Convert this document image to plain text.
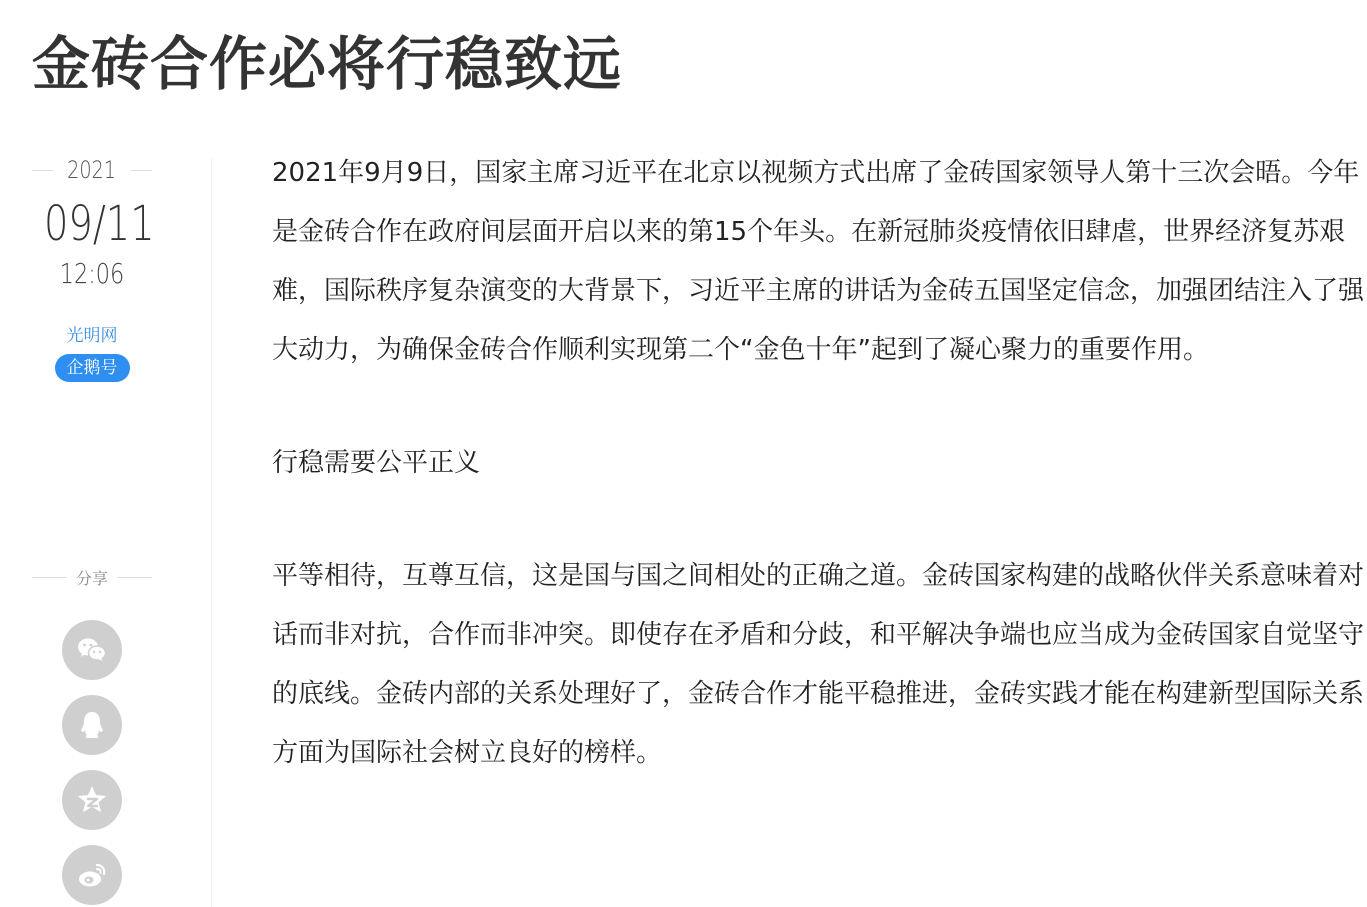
金砖合作必将行稳致远
2021
09/11
12:06
光明网
企鹅号
分享

2021年9月9日，国家主席习近平在北京以视频方式出席了金砖国家领导人第十三次会晤。今年是金砖合作在政府间层面开启以来的第15个年头。在新冠肺炎疫情依旧肆虐，世界经济复苏艰难，国际秩序复杂演变的大背景下，习近平主席的讲话为金砖五国坚定信念，加强团结注入了强大动力，为确保金砖合作顺利实现第二个“金色十年”起到了凝心聚力的重要作用。

行稳需要公平正义

平等相待，互尊互信，这是国与国之间相处的正确之道。金砖国家构建的战略伙伴关系意味着对话而非对抗，合作而非冲突。即使存在矛盾和分歧，和平解决争端也应当成为金砖国家自觉坚守的底线。金砖内部的关系处理好了，金砖合作才能平稳推进，金砖实践才能在构建新型国际关系方面为国际社会树立良好的榜样。
